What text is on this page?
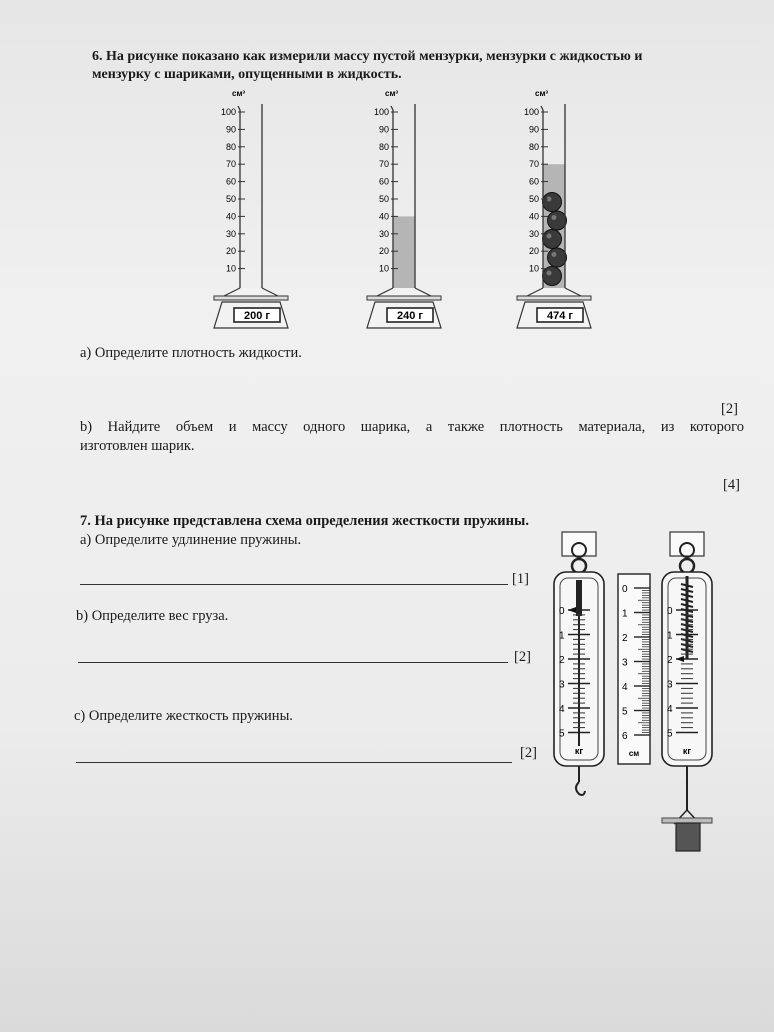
6. На рисунке показано как измерили массу пустой мензурки, мензурки с жидкостью и
мензурку с шариками, опущенными в жидкость.
см³
100
90
80
70
60
50
40
30
20
10
200 г
см³
100
90
80
70
60
50
40
30
20
10
240 г
см³
100
90
80
70
60
50
40
30
20
10
474 г
а) Определите плотность жидкости.
[2]
b) Найдите объем и массу одного шарика, а также плотность материала, из которого
изготовлен шарик.
[4]
7. На рисунке представлена схема определения жесткости пружины.
а) Определите удлинение пружины.
[1]
b) Определите вес груза.
[2]
с) Определите жесткость пружины.
[2]
0
1
2
3
4
5
кг
0
1
2
3
4
5
6
см
0
1
2
3
4
5
кг
